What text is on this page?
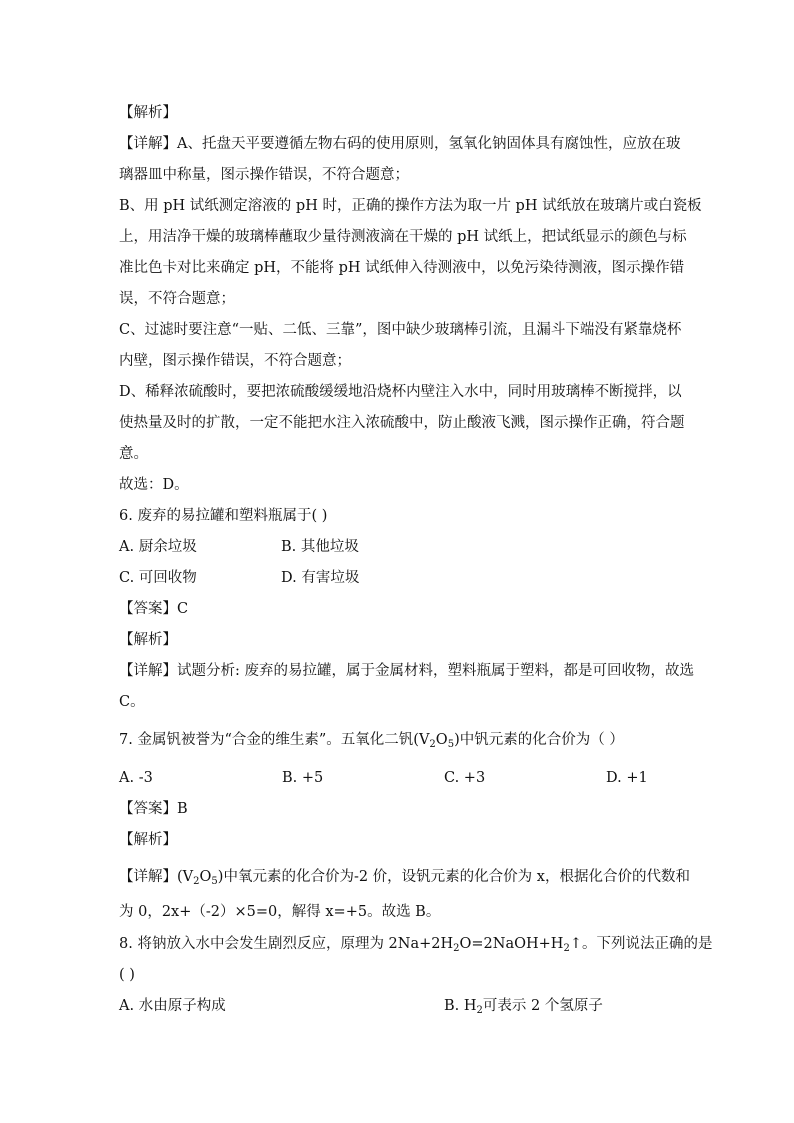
【解析】
【详解】A、托盘天平要遵循左物右码的使用原则，氢氧化钠固体具有腐蚀性，应放在玻
璃器皿中称量，图示操作错误，不符合题意；
B、用 pH 试纸测定溶液的 pH 时，正确的操作方法为取一片 pH 试纸放在玻璃片或白瓷板
上，用洁净干燥的玻璃棒蘸取少量待测液滴在干燥的 pH 试纸上，把试纸显示的颜色与标
准比色卡对比来确定 pH，不能将 pH 试纸伸入待测液中，以免污染待测液，图示操作错
误，不符合题意；
C、过滤时要注意“一贴、二低、三靠”，图中缺少玻璃棒引流，且漏斗下端没有紧靠烧杯
内壁，图示操作错误，不符合题意；
D、稀释浓硫酸时，要把浓硫酸缓缓地沿烧杯内壁注入水中，同时用玻璃棒不断搅拌，以
使热量及时的扩散，一定不能把水注入浓硫酸中，防止酸液飞溅，图示操作正确，符合题
意。
故选：D。
6. 废弃的易拉罐和塑料瓶属于( )
A. 厨余垃圾	B. 其他垃圾
C. 可回收物	D. 有害垃圾
【答案】C
【解析】
【详解】试题分析: 废弃的易拉罐，属于金属材料，塑料瓶属于塑料，都是可回收物，故选
C。
7. 金属钒被誉为“合金的维生素”。五氧化二钒$(V_2O_5)$中钒元素的化合价为（ ）
A. -3	B. +5	C. +3	D. +1
【答案】B
【解析】
【详解】$(V_2O_5)$中氧元素的化合价为-2 价，设钒元素的化合价为 x，根据化合价的代数和
为 0，2x+（-2）×5=0，解得 x=+5。故选 B。
8. 将钠放入水中会发生剧烈反应，原理为 $2Na+2H_2O=2NaOH+H_2↑$。下列说法正确的是
( )
A. 水由原子构成	B. $H_2$可表示 2 个氢原子
